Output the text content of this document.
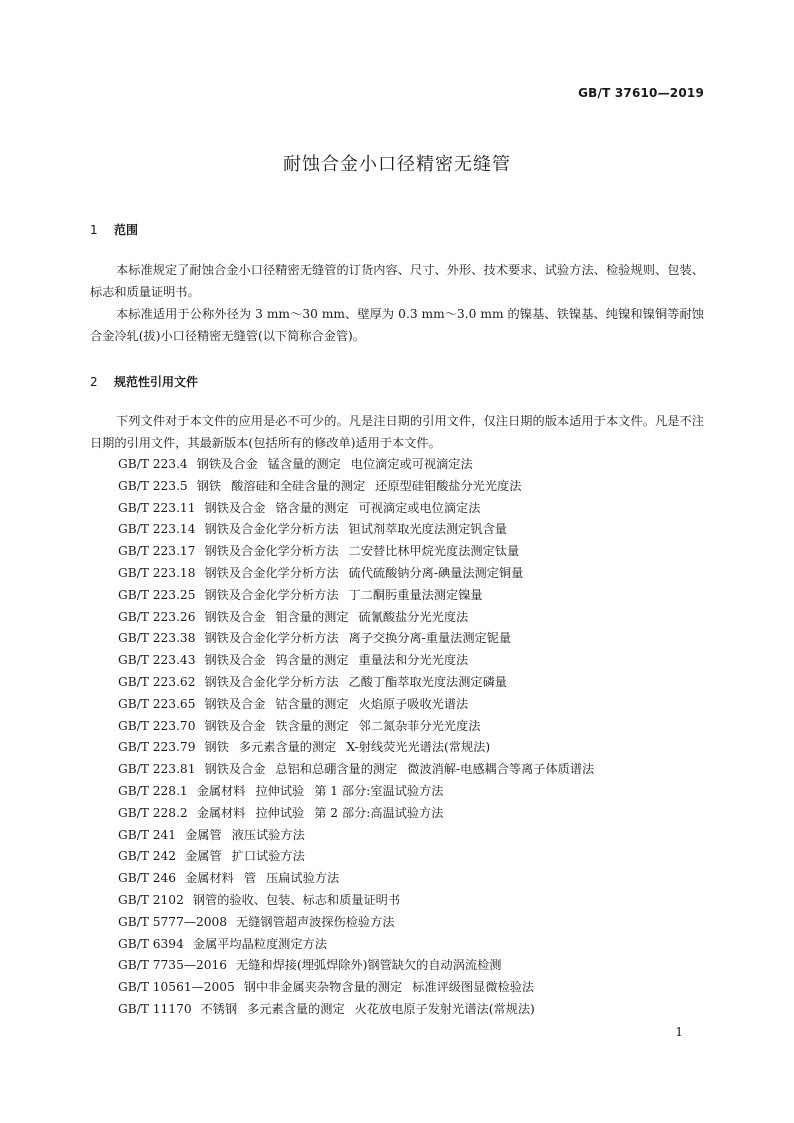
GB/T 37610—2019
耐蚀合金小口径精密无缝管
1 范围
本标准规定了耐蚀合金小口径精密无缝管的订货内容、尺寸、外形、技术要求、试验方法、检验规则、包装、标志和质量证明书。
本标准适用于公称外径为 3 mm～30 mm、壁厚为 0.3 mm～3.0 mm 的镍基、铁镍基、纯镍和镍铜等耐蚀合金冷轧(拔)小口径精密无缝管(以下简称合金管)。
2 规范性引用文件
下列文件对于本文件的应用是必不可少的。凡是注日期的引用文件，仅注日期的版本适用于本文件。凡是不注日期的引用文件，其最新版本(包括所有的修改单)适用于本文件。
GB/T 223.4 钢铁及合金 锰含量的测定 电位滴定或可视滴定法
GB/T 223.5 钢铁 酸溶硅和全硅含量的测定 还原型硅钼酸盐分光光度法
GB/T 223.11 钢铁及合金 铬含量的测定 可视滴定或电位滴定法
GB/T 223.14 钢铁及合金化学分析方法 钽试剂萃取光度法测定钒含量
GB/T 223.17 钢铁及合金化学分析方法 二安替比林甲烷光度法测定钛量
GB/T 223.18 钢铁及合金化学分析方法 硫代硫酸钠分离-碘量法测定铜量
GB/T 223.25 钢铁及合金化学分析方法 丁二酮肟重量法测定镍量
GB/T 223.26 钢铁及合金 钼含量的测定 硫氰酸盐分光光度法
GB/T 223.38 钢铁及合金化学分析方法 离子交换分离-重量法测定铌量
GB/T 223.43 钢铁及合金 钨含量的测定 重量法和分光光度法
GB/T 223.62 钢铁及合金化学分析方法 乙酸丁酯萃取光度法测定磷量
GB/T 223.65 钢铁及合金 钴含量的测定 火焰原子吸收光谱法
GB/T 223.70 钢铁及合金 铁含量的测定 邻二氮杂菲分光光度法
GB/T 223.79 钢铁 多元素含量的测定 X-射线荧光光谱法(常规法)
GB/T 223.81 钢铁及合金 总铝和总硼含量的测定 微波消解-电感耦合等离子体质谱法
GB/T 228.1 金属材料 拉伸试验 第 1 部分:室温试验方法
GB/T 228.2 金属材料 拉伸试验 第 2 部分:高温试验方法
GB/T 241 金属管 液压试验方法
GB/T 242 金属管 扩口试验方法
GB/T 246 金属材料 管 压扁试验方法
GB/T 2102 钢管的验收、包装、标志和质量证明书
GB/T 5777—2008 无缝钢管超声波探伤检验方法
GB/T 6394 金属平均晶粒度测定方法
GB/T 7735—2016 无缝和焊接(埋弧焊除外)钢管缺欠的自动涡流检测
GB/T 10561—2005 钢中非金属夹杂物含量的测定 标准评级图显微检验法
GB/T 11170 不锈钢 多元素含量的测定 火花放电原子发射光谱法(常规法)
1
